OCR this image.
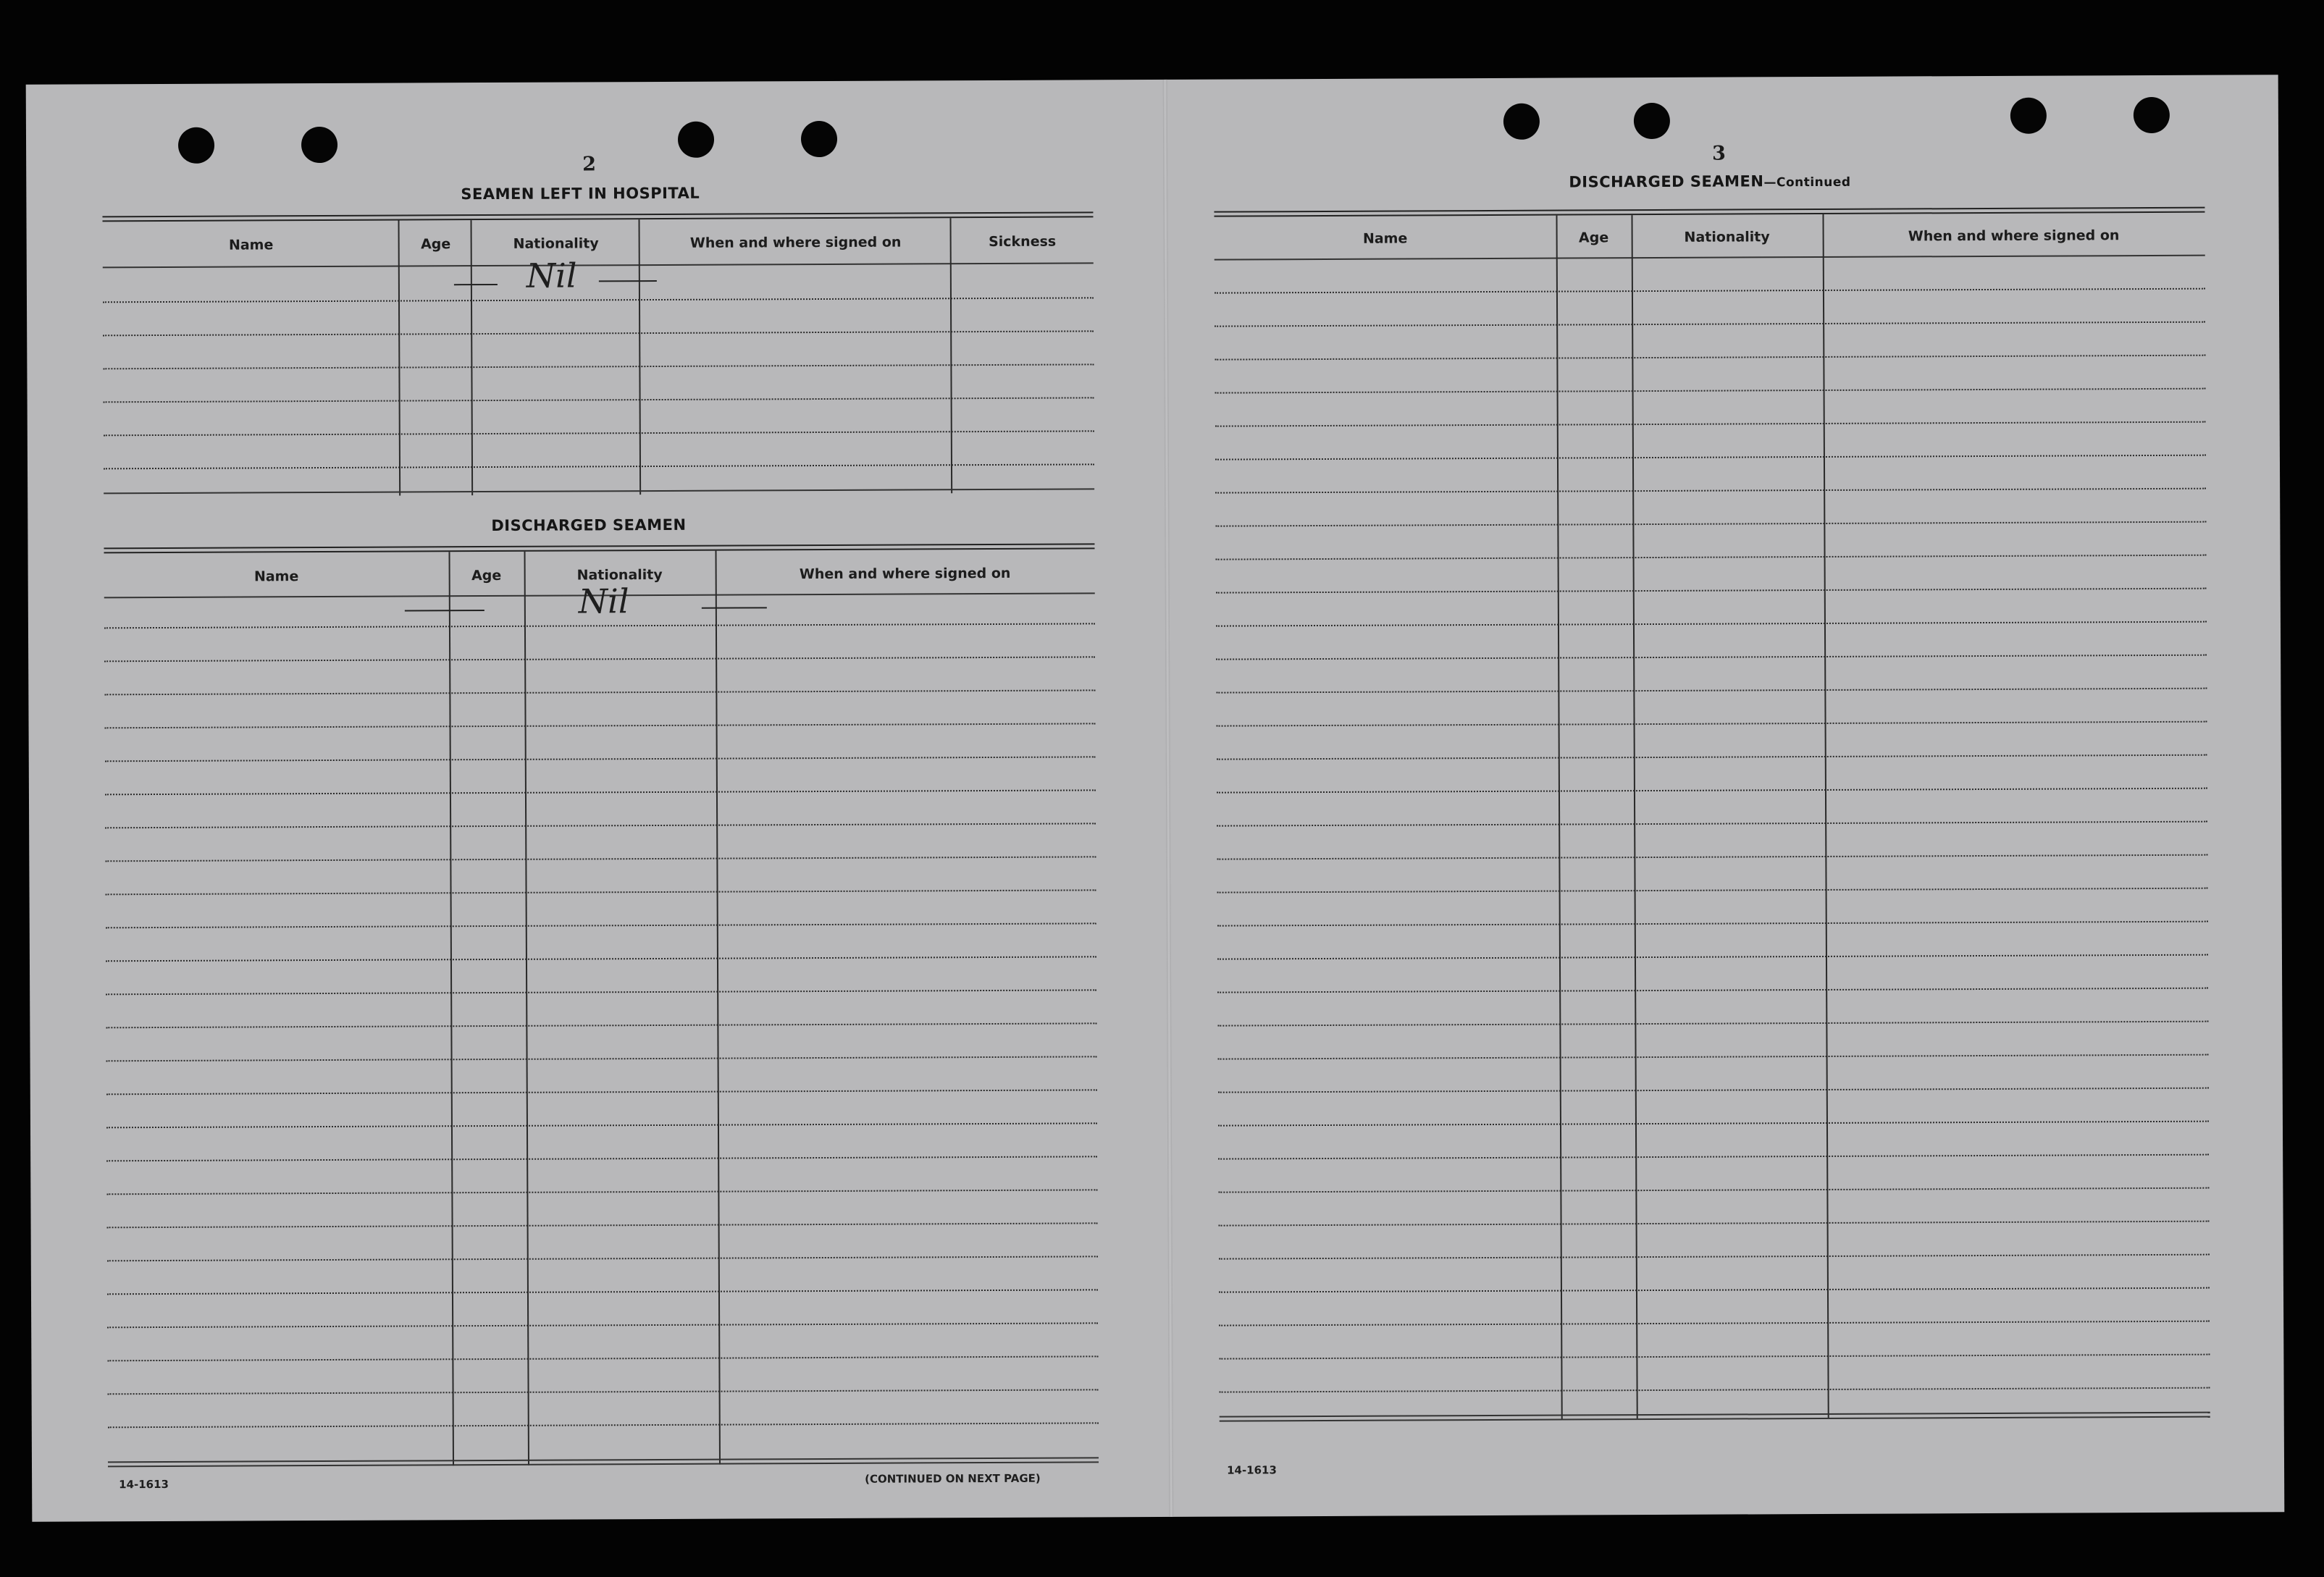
2
SEAMEN LEFT IN HOSPITAL
Name	Age	Nationality	When and where signed on	Sickness
Nil
DISCHARGED SEAMEN
Name	Age	Nationality	When and where signed on
Nil
14-1613	(CONTINUED ON NEXT PAGE)
3
DISCHARGED SEAMEN—Continued
Name	Age	Nationality	When and where signed on
14-1613
